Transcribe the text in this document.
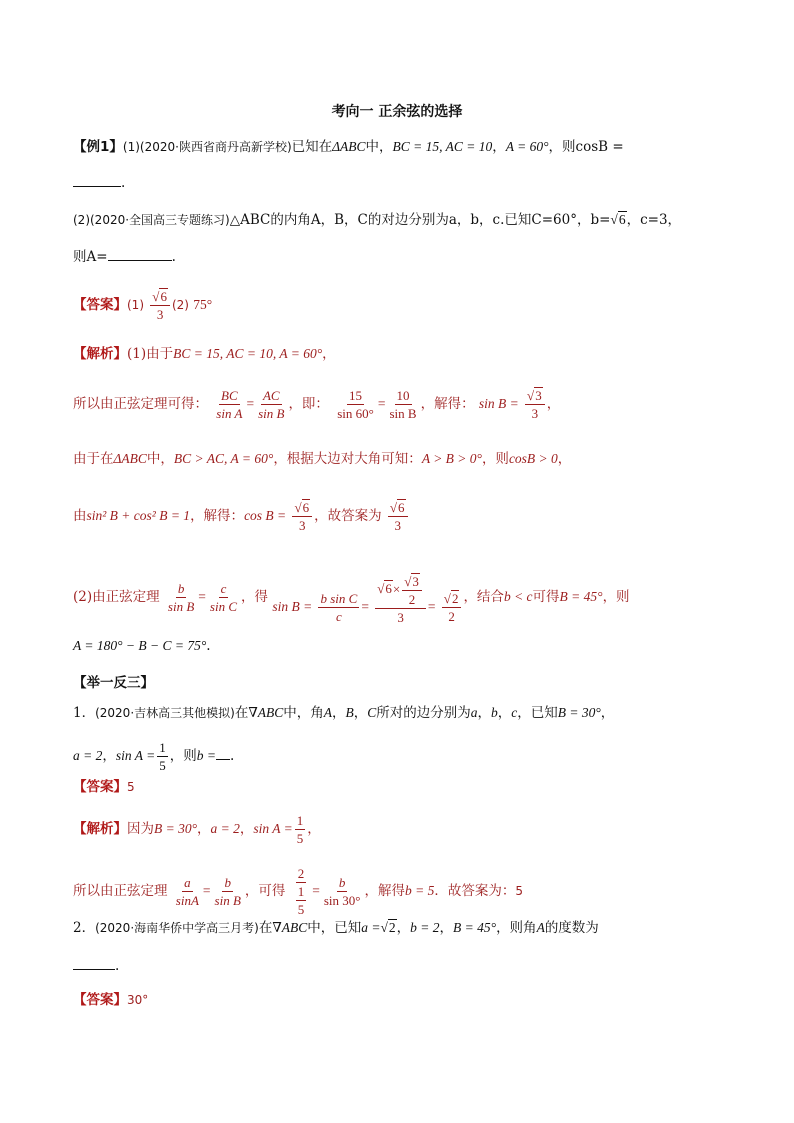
考向一 正余弦的选择
【例1】(1)(2020·陕西省商丹高新学校)已知在ΔABC中，BC = 15, AC = 10，A = 60°，则cosB =
.
(2)(2020·全国高三专题练习)△ABC的内角A，B，C的对边分别为a，b，c.已知C=60°，b=√6，c=3，
则A=	.
【答案】$(1) \frac{√6}{3} (2)$ 75°
【解析】(1)由于BC = 15, AC = 10, A = 60°，
所以由正弦定理可得： $\frac{BC}{\text{sin A}} = \frac{AC}{\text{sin B}}$ ，即： $\frac{15}{\sin 60^\circ} = \frac{10}{\text{sin B}}$ ，解得： $\sin B = \frac{√3}{3}$ ，
由于在ΔABC中，BC > AC, A = 60°，根据大边对大角可知：A > B > 0°，则cosB > 0，
由sin² B + cos² B = 1，解得：$\cos B = \frac{√6}{3}$ ，故答案为 $\frac{√6}{3}$
(2)由正弦定理 $\frac{b}{\text{sin B}} = \frac{c}{\text{sin C}}$ ，得 $\sin B = \frac{\text{b sin C}}{c} = \frac{√6\times \frac{√3}{2}}{3} = \frac{√2}{2}$ ，结合b < c可得B = 45°，则
A = 180° − B − C = 75°.
【举一反三】
1．(2020·吉林高三其他模拟)在∇ABC中，角A，B，C所对的边分别为a，b，c，已知B = 30°，
a = 2，$\sin A = \frac{1}{5}$ ，则b = .
【答案】5
【解析】因为B = 30°，a = 2，$\sin A = \frac{1}{5}$ ，
所以由正弦定理 $\frac{a}{\sin A} = \frac{b}{\text{sin B}}$ ，可得 $\frac{2}{\frac{1}{5}} = \frac{b}{\sin 30^\circ}$ ，解得b = 5．故答案为：5
2．(2020·海南华侨中学高三月考)在∇ABC中，已知a =√2，b = 2，B = 45°，则角A的度数为
.
【答案】30°
